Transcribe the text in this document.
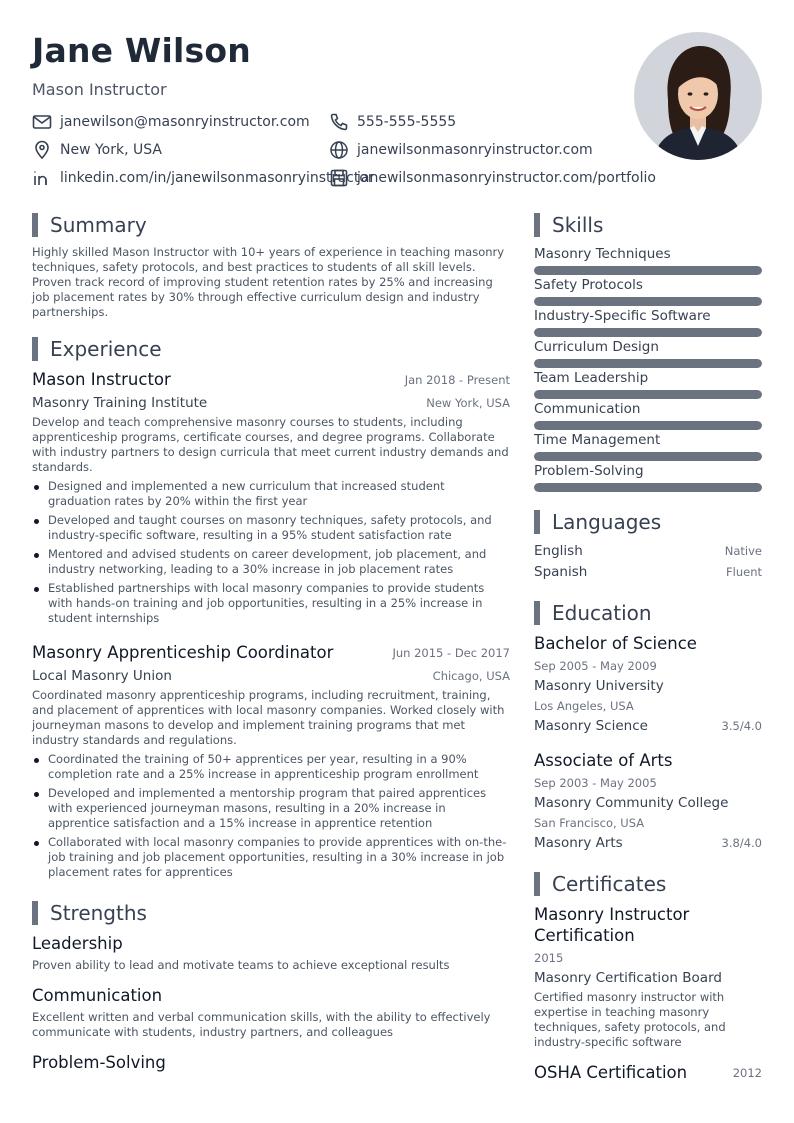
Jane Wilson
Mason Instructor
janewilson@masonryinstructor.com	555-555-5555
New York, USA	janewilsonmasonryinstructor.com
linkedin.com/in/janewilsonmasonryinstructor
janewilsonmasonryinstructor.com/portfolio
Summary
Highly skilled Mason Instructor with 10+ years of experience in teaching masonry techniques, safety protocols, and best practices to students of all skill levels. Proven track record of improving student retention rates by 25% and increasing job placement rates by 30% through effective curriculum design and industry partnerships.
Experience
Mason Instructor	Jan 2018 - Present
Masonry Training Institute	New York, USA
Develop and teach comprehensive masonry courses to students, including apprenticeship programs, certificate courses, and degree programs. Collaborate with industry partners to design curricula that meet current industry demands and standards.
Designed and implemented a new curriculum that increased student graduation rates by 20% within the first year
Developed and taught courses on masonry techniques, safety protocols, and industry-specific software, resulting in a 95% student satisfaction rate
Mentored and advised students on career development, job placement, and industry networking, leading to a 30% increase in job placement rates
Established partnerships with local masonry companies to provide students with hands-on training and job opportunities, resulting in a 25% increase in student internships
Masonry Apprenticeship Coordinator	Jun 2015 - Dec 2017
Local Masonry Union	Chicago, USA
Coordinated masonry apprenticeship programs, including recruitment, training, and placement of apprentices with local masonry companies. Worked closely with journeyman masons to develop and implement training programs that met industry standards and regulations.
Coordinated the training of 50+ apprentices per year, resulting in a 90% completion rate and a 25% increase in apprenticeship program enrollment
Developed and implemented a mentorship program that paired apprentices with experienced journeyman masons, resulting in a 20% increase in apprentice satisfaction and a 15% increase in apprentice retention
Collaborated with local masonry companies to provide apprentices with on-the-job training and job placement opportunities, resulting in a 30% increase in job placement rates for apprentices
Strengths
Leadership
Proven ability to lead and motivate teams to achieve exceptional results
Communication
Excellent written and verbal communication skills, with the ability to effectively communicate with students, industry partners, and colleagues
Problem-Solving
Skills
Masonry Techniques
Safety Protocols
Industry-Specific Software
Curriculum Design
Team Leadership
Communication
Time Management
Problem-Solving
Languages
English	Native
Spanish	Fluent
Education
Bachelor of Science
Sep 2005 - May 2009
Masonry University
Los Angeles, USA
Masonry Science	3.5/4.0
Associate of Arts
Sep 2003 - May 2005
Masonry Community College
San Francisco, USA
Masonry Arts	3.8/4.0
Certificates
Masonry Instructor
Certification
2015
Masonry Certification Board
Certified masonry instructor with expertise in teaching masonry techniques, safety protocols, and industry-specific software
OSHA Certification	2012
